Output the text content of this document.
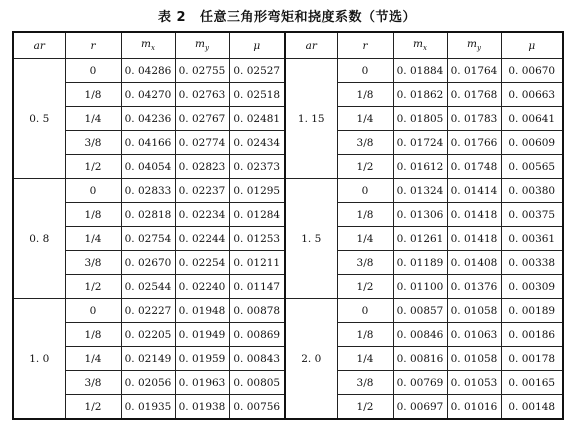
表 2 任意三角形弯矩和挠度系数（节选）
ar	r	$m_x$	$m_y$	μ	ar	r	$m_x$	$m_y$	μ
0. 5	0	0. 04286	0. 02755	0. 02527	1. 15	0	0. 01884	0. 01764	0. 00670
	1/8	0. 04270	0. 02763	0. 02518		1/8	0. 01862	0. 01768	0. 00663
	1/4	0. 04236	0. 02767	0. 02481		1/4	0. 01805	0. 01783	0. 00641
	3/8	0. 04166	0. 02774	0. 02434		3/8	0. 01724	0. 01766	0. 00609
	1/2	0. 04054	0. 02823	0. 02373		1/2	0. 01612	0. 01748	0. 00565
0. 8	0	0. 02833	0. 02237	0. 01295	1. 5	0	0. 01324	0. 01414	0. 00380
	1/8	0. 02818	0. 02234	0. 01284		1/8	0. 01306	0. 01418	0. 00375
	1/4	0. 02754	0. 02244	0. 01253		1/4	0. 01261	0. 01418	0. 00361
	3/8	0. 02670	0. 02254	0. 01211		3/8	0. 01189	0. 01408	0. 00338
	1/2	0. 02544	0. 02240	0. 01147		1/2	0. 01100	0. 01376	0. 00309
1. 0	0	0. 02227	0. 01948	0. 00878	2. 0	0	0. 00857	0. 01058	0. 00189
	1/8	0. 02205	0. 01949	0. 00869		1/8	0. 00846	0. 01063	0. 00186
	1/4	0. 02149	0. 01959	0. 00843		1/4	0. 00816	0. 01058	0. 00178
	3/8	0. 02056	0. 01963	0. 00805		3/8	0. 00769	0. 01053	0. 00165
	1/2	0. 01935	0. 01938	0. 00756		1/2	0. 00697	0. 01016	0. 00148
